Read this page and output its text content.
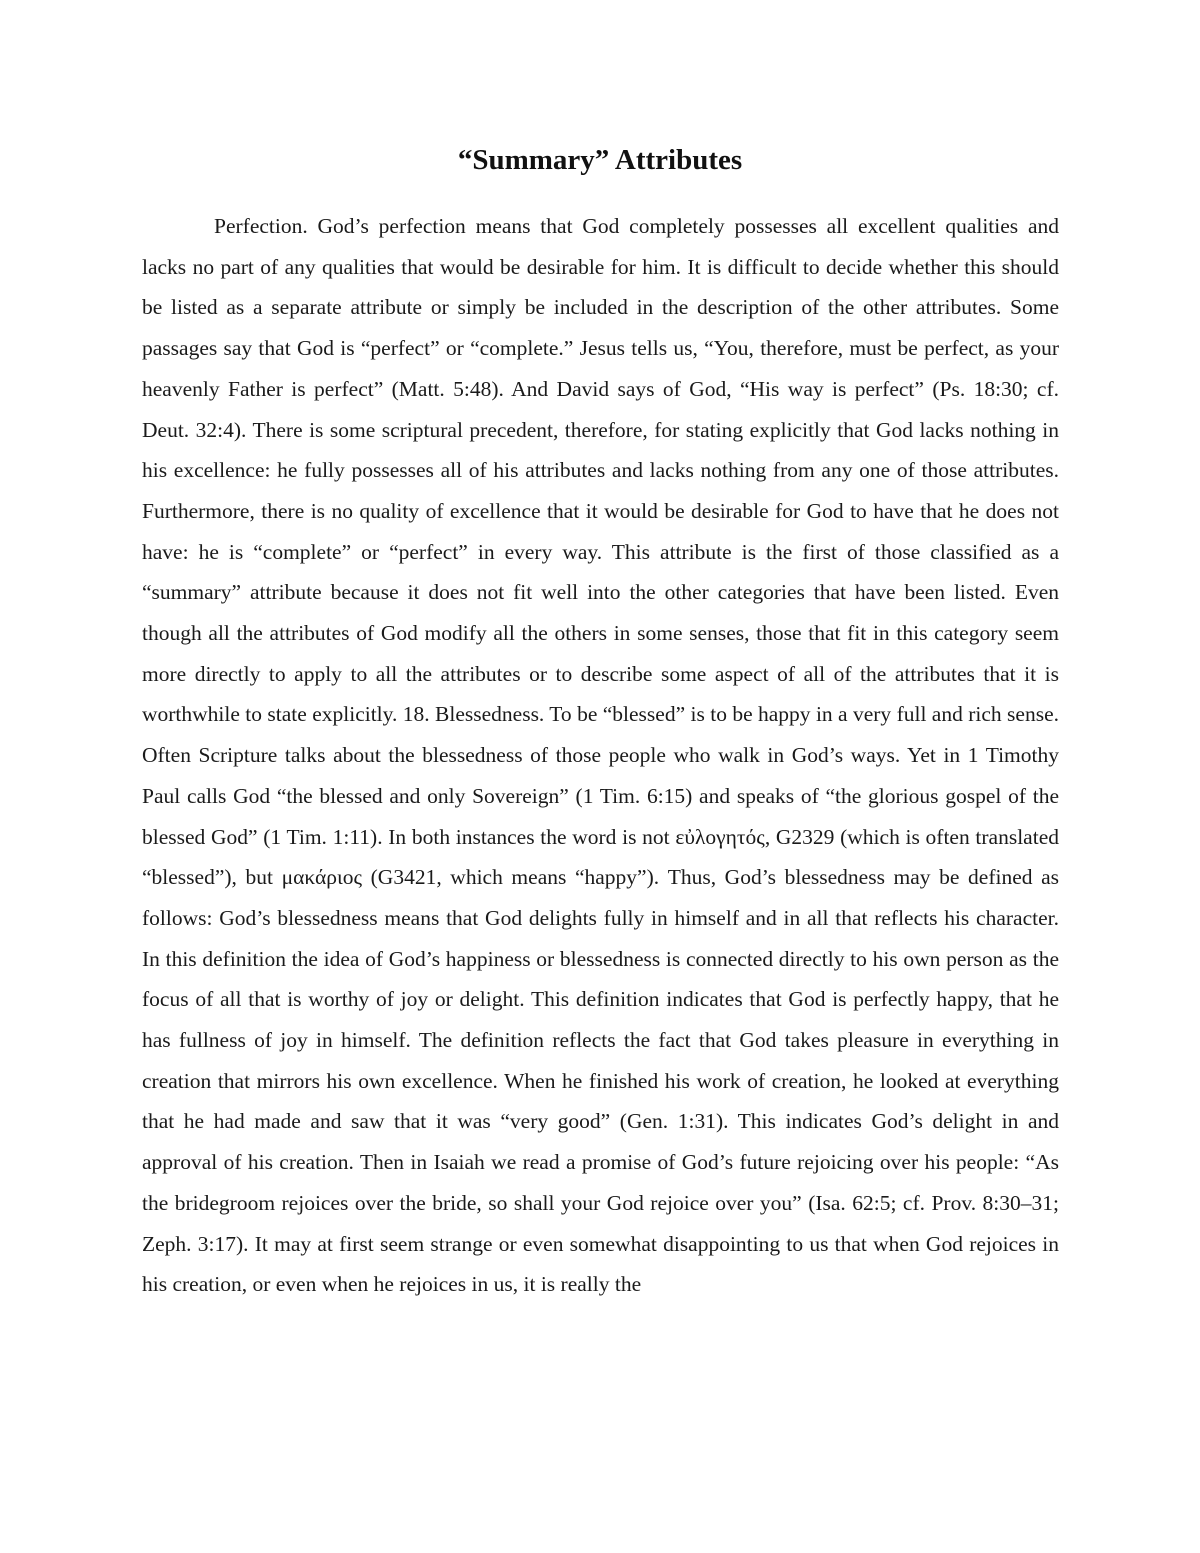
“Summary” Attributes

Perfection. God’s perfection means that God completely possesses all excellent qualities and lacks no part of any qualities that would be desirable for him. It is difficult to decide whether this should be listed as a separate attribute or simply be included in the description of the other attributes. Some passages say that God is “perfect” or “complete.” Jesus tells us, “You, therefore, must be perfect, as your heavenly Father is perfect” (Matt. 5:48). And David says of God, “His way is perfect” (Ps. 18:30; cf. Deut. 32:4). There is some scriptural precedent, therefore, for stating explicitly that God lacks nothing in his excellence: he fully possesses all of his attributes and lacks nothing from any one of those attributes. Furthermore, there is no quality of excellence that it would be desirable for God to have that he does not have: he is “complete” or “perfect” in every way. This attribute is the first of those classified as a “summary” attribute because it does not fit well into the other categories that have been listed. Even though all the attributes of God modify all the others in some senses, those that fit in this category seem more directly to apply to all the attributes or to describe some aspect of all of the attributes that it is worthwhile to state explicitly. 18. Blessedness. To be “blessed” is to be happy in a very full and rich sense. Often Scripture talks about the blessedness of those people who walk in God’s ways. Yet in 1 Timothy Paul calls God “the blessed and only Sovereign” (1 Tim. 6:15) and speaks of “the glorious gospel of the blessed God” (1 Tim. 1:11). In both instances the word is not εὐλογητός, G2329 (which is often translated “blessed”), but μακάριος (G3421, which means “happy”). Thus, God’s blessedness may be defined as follows: God’s blessedness means that God delights fully in himself and in all that reflects his character. In this definition the idea of God’s happiness or blessedness is connected directly to his own person as the focus of all that is worthy of joy or delight. This definition indicates that God is perfectly happy, that he has fullness of joy in himself. The definition reflects the fact that God takes pleasure in everything in creation that mirrors his own excellence. When he finished his work of creation, he looked at everything that he had made and saw that it was “very good” (Gen. 1:31). This indicates God’s delight in and approval of his creation. Then in Isaiah we read a promise of God’s future rejoicing over his people: “As the bridegroom rejoices over the bride, so shall your God rejoice over you” (Isa. 62:5; cf. Prov. 8:30–31; Zeph. 3:17). It may at first seem strange or even somewhat disappointing to us that when God rejoices in his creation, or even when he rejoices in us, it is really the
